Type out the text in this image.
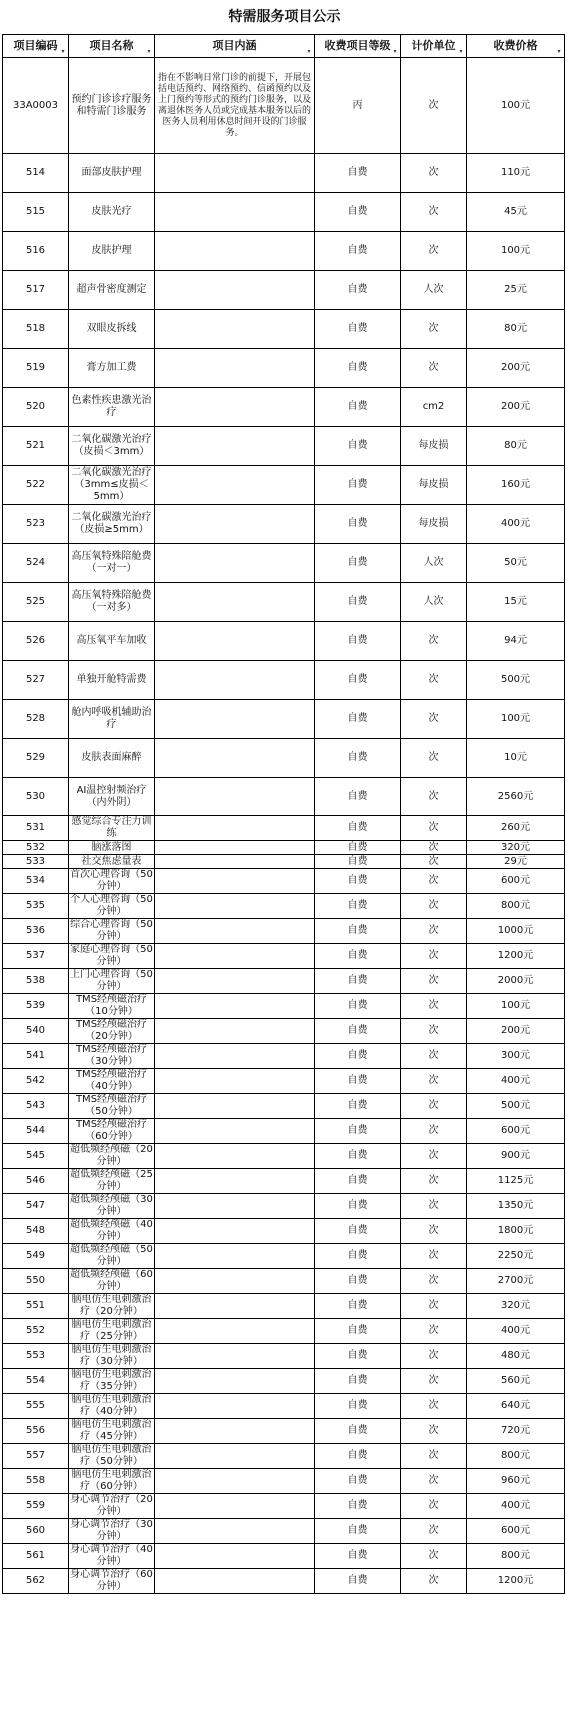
特需服务项目公示
项目编码 ▾	项目名称 ▾	项目内涵 ▾	收费项目等级 ▾	计价单位 ▾	收费价格 ▾

33A0003	预约门诊诊疗服务和特需门诊服务	指在不影响日常门诊的前提下，开展包括电话预约、网络预约、信函预约以及上门预约等形式的预约门诊服务，以及离退休医务人员或完成基本服务以后的医务人员利用休息时间开设的门诊服务。	丙	次	100元
514	面部皮肤护理		自费	次	110元
515	皮肤光疗		自费	次	45元
516	皮肤护理		自费	次	100元
517	超声骨密度测定		自费	人次	25元
518	双眼皮拆线		自费	次	80元
519	膏方加工费		自费	次	200元
520	色素性疾患激光治疗		自费	cm2	200元
521	二氧化碳激光治疗（皮损＜3mm）		自费	每皮损	80元
522	二氧化碳激光治疗（3mm≤皮损＜5mm）		自费	每皮损	160元
523	二氧化碳激光治疗（皮损≥5mm）		自费	每皮损	400元
524	高压氧特殊陪舱费（一对一）		自费	人次	50元
525	高压氧特殊陪舱费（一对多）		自费	人次	15元
526	高压氧平车加收		自费	次	94元
527	单独开舱特需费		自费	次	500元
528	舱内呼吸机辅助治疗		自费	次	100元
529	皮肤表面麻醉		自费	次	10元
530	AI温控射频治疗（内外阴）		自费	次	2560元
531	感觉综合专注力训练		自费	次	260元
532	脑涨落图		自费	次	320元
533	社交焦虑量表		自费	次	29元
534	首次心理咨询（50分钟）		自费	次	600元
535	个人心理咨询（50分钟）		自费	次	800元
536	综合心理咨询（50分钟）		自费	次	1000元
537	家庭心理咨询（50分钟）		自费	次	1200元
538	上门心理咨询（50分钟）		自费	次	2000元
539	TMS经颅磁治疗（10分钟）		自费	次	100元
540	TMS经颅磁治疗（20分钟）		自费	次	200元
541	TMS经颅磁治疗（30分钟）		自费	次	300元
542	TMS经颅磁治疗（40分钟）		自费	次	400元
543	TMS经颅磁治疗（50分钟）		自费	次	500元
544	TMS经颅磁治疗（60分钟）		自费	次	600元
545	超低频经颅磁（20分钟）		自费	次	900元
546	超低频经颅磁（25分钟）		自费	次	1125元
547	超低频经颅磁（30分钟）		自费	次	1350元
548	超低频经颅磁（40分钟）		自费	次	1800元
549	超低频经颅磁（50分钟）		自费	次	2250元
550	超低频经颅磁（60分钟）		自费	次	2700元
551	脑电仿生电刺激治疗（20分钟）		自费	次	320元
552	脑电仿生电刺激治疗（25分钟）		自费	次	400元
553	脑电仿生电刺激治疗（30分钟）		自费	次	480元
554	脑电仿生电刺激治疗（35分钟）		自费	次	560元
555	脑电仿生电刺激治疗（40分钟）		自费	次	640元
556	脑电仿生电刺激治疗（45分钟）		自费	次	720元
557	脑电仿生电刺激治疗（50分钟）		自费	次	800元
558	脑电仿生电刺激治疗（60分钟）		自费	次	960元
559	身心调节治疗（20分钟）		自费	次	400元
560	身心调节治疗（30分钟）		自费	次	600元
561	身心调节治疗（40分钟）		自费	次	800元
562	身心调节治疗（60分钟）		自费	次	1200元
